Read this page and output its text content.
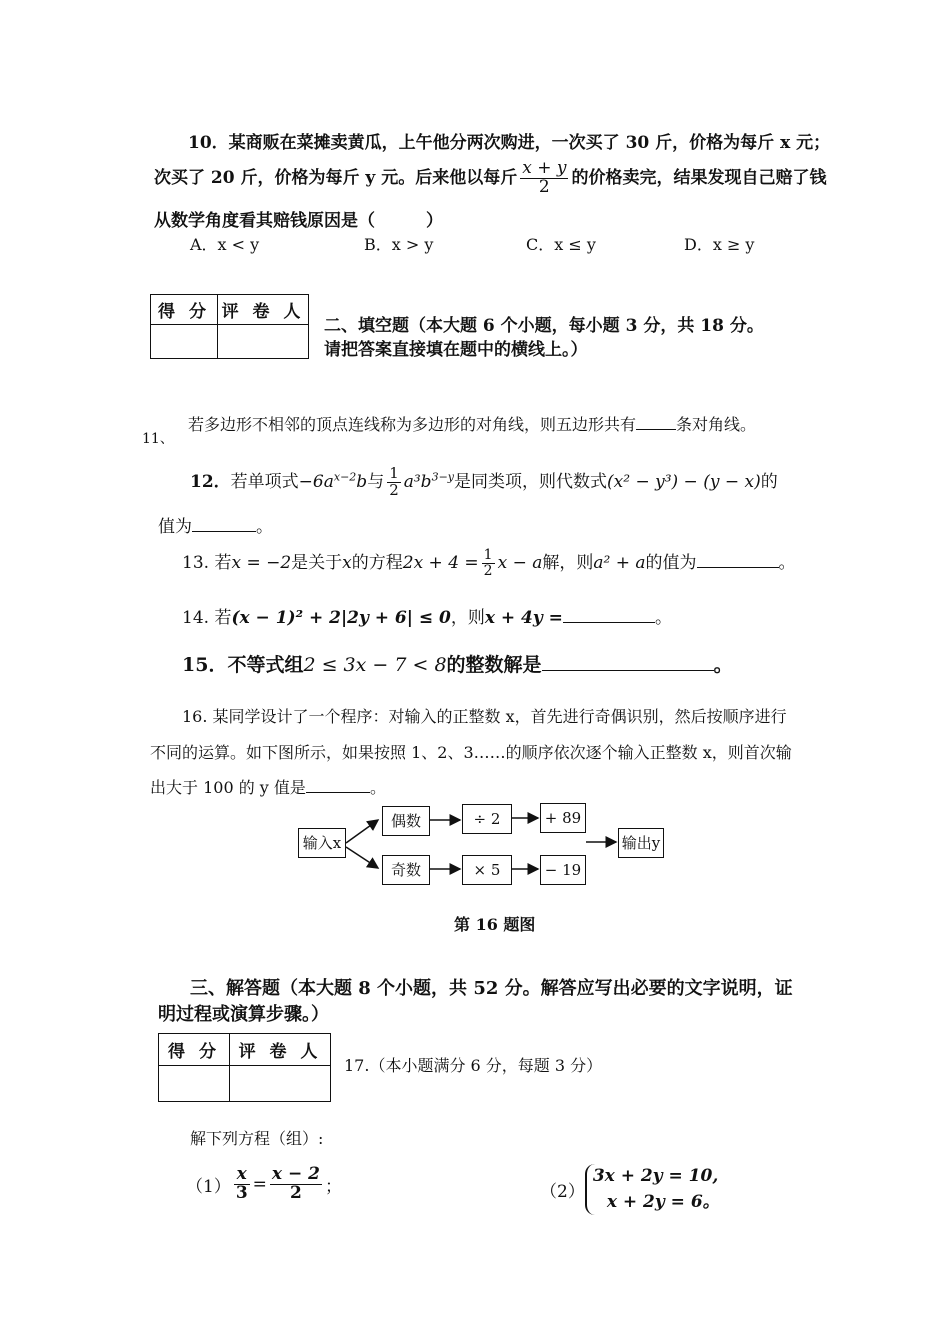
10．某商贩在菜摊卖黄瓜，上午他分两次购进，一次买了 30 斤，价格为每斤 x 元；
次买了 20 斤，价格为每斤 y 元。后来他以每斤 $\frac{x + y}{2}$ 的价格卖完，结果发现自己赔了钱
从数学角度看其赔钱原因是（　　　）
A．x < y	B．x > y	C．x ≤ y	D．x ≥ y
得 分	评 卷 人

二、填空题（本大题 6 个小题，每小题 3 分，共 18 分。
请把答案直接填在题中的横线上。）
若多边形不相邻的顶点连线称为多边形的对角线，则五边形共有	条对角线。
11、
12．若单项式$-6a^{x-2}b$与 $\frac{1}{2} a^3b^{3-y}$是同类项，则代数式(x² − y³) − (y − x)的
值为	。
13. 若x = −2是关于x的方程$2x + 4 = \frac{1}{2}$ x − a解，则a² + a的值为	。
14. 若(x − 1)² + 2|2y + 6| ≤ 0，则x + 4y =	。
15．不等式组2 ≤ 3x − 7 < 8的整数解是	。
16. 某同学设计了一个程序：对输入的正整数 x，首先进行奇偶识别，然后按顺序进行
不同的运算。如下图所示，如果按照 1、2、3……的顺序依次逐个输入正整数 x，则首次输
出大于 100 的 y 值是	。
输入x
偶数
奇数
÷ 2
× 5
+ 89
− 19
输出y
第 16 题图
三、解答题（本大题 8 个小题，共 52 分。解答应写出必要的文字说明，证
明过程或演算步骤。）
得 分	评 卷 人

17.（本小题满分 6 分，每题 3 分）
解下列方程（组）:
$(1) \frac{x}{3} = \frac{x - 2}{2}$ ；	（2）
3x + 2y = 10,
x + 2y = 6。
